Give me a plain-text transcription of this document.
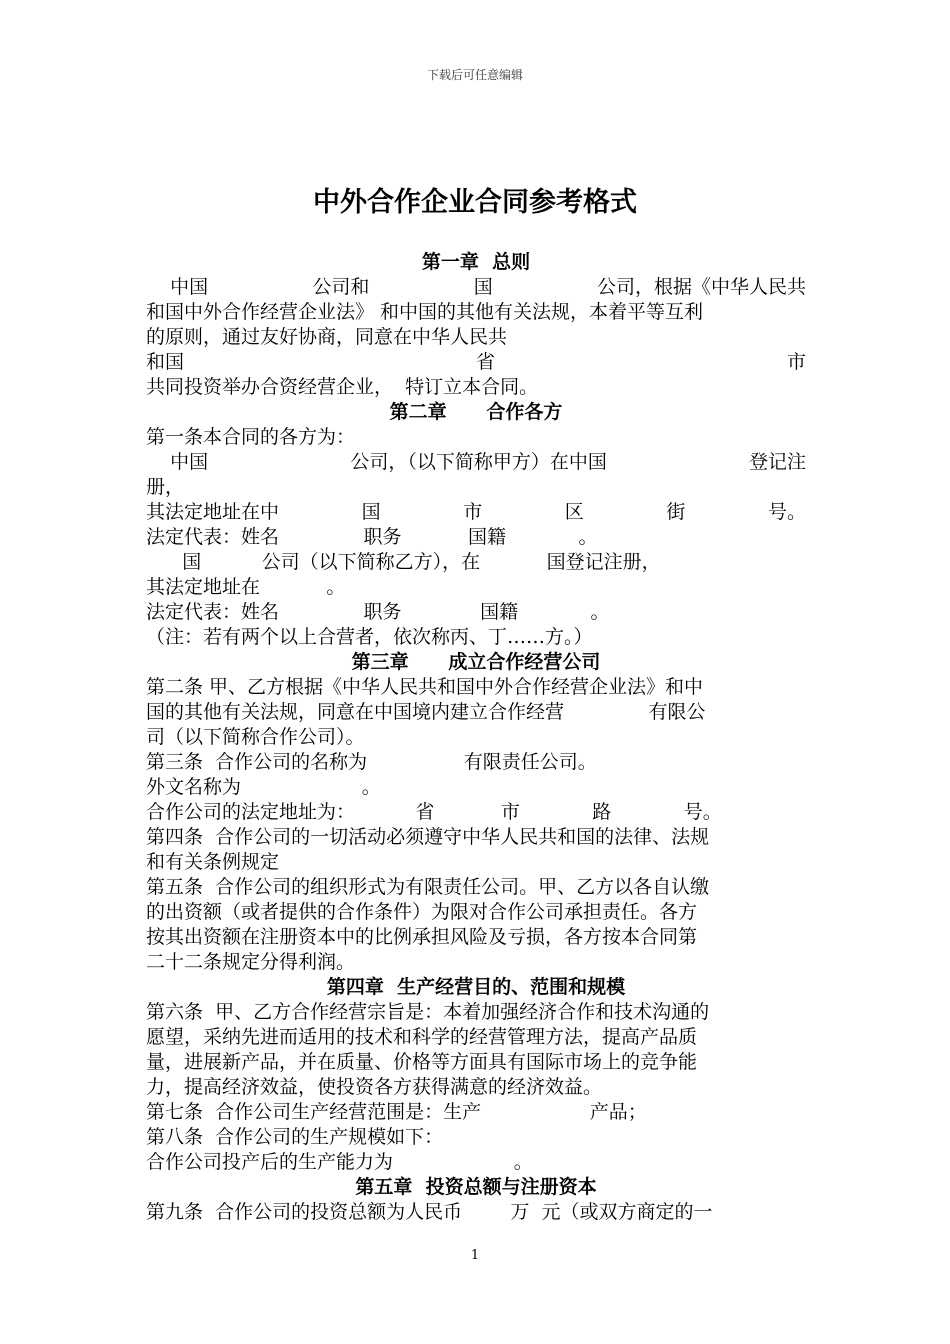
下载后可任意编辑
中外合作企业合同参考格式
第一章  总则
中国	公司和	国	公司，根据《中华人民共
和国中外合作经营企业法》 和中国的其他有关法规，本着平等互利
的原则，通过友好协商，同意在中华人民共
和国	省	市
共同投资举办合资经营企业，  特订立本合同。
第二章      合作各方
第一条本合同的各方为：
中国	公司，（以下简称甲方）在中国	登记注
册，
其法定地址在中	国	市	区	街	号。
法定代表：姓名              职务           国籍            。
国          公司（以下简称乙方），在           国登记注册，
其法定地址在           。
法定代表：姓名              职务             国籍            。
（注：若有两个以上合营者，依次称丙、丁……方。）
第三章      成立合作经营公司
第二条 甲、乙方根据《中华人民共和国中外合作经营企业法》和中
国的其他有关法规，同意在中国境内建立合作经营              有限公
司（以下简称合作公司）。
第三条  合作公司的名称为                有限责任公司。
外文名称为                    。
合作公司的法定地址为：          省           市            路            号。
第四条  合作公司的一切活动必须遵守中华人民共和国的法律、法规
和有关条例规定
第五条  合作公司的组织形式为有限责任公司。甲、乙方以各自认缴
的出资额（或者提供的合作条件）为限对合作公司承担责任。各方
按其出资额在注册资本中的比例承担风险及亏损，各方按本合同第
二十二条规定分得利润。
第四章  生产经营目的、范围和规模
第六条  甲、乙方合作经营宗旨是：本着加强经济合作和技术沟通的
愿望，采纳先进而适用的技术和科学的经营管理方法，提高产品质
量，进展新产品，并在质量、价格等方面具有国际市场上的竞争能
力，提高经济效益，使投资各方获得满意的经济效益。
第七条  合作公司生产经营范围是：生产                  产品；
第八条  合作公司的生产规模如下：
合作公司投产后的生产能力为                    。
第五章  投资总额与注册资本
第九条  合作公司的投资总额为人民币        万  元（或双方商定的一
1
